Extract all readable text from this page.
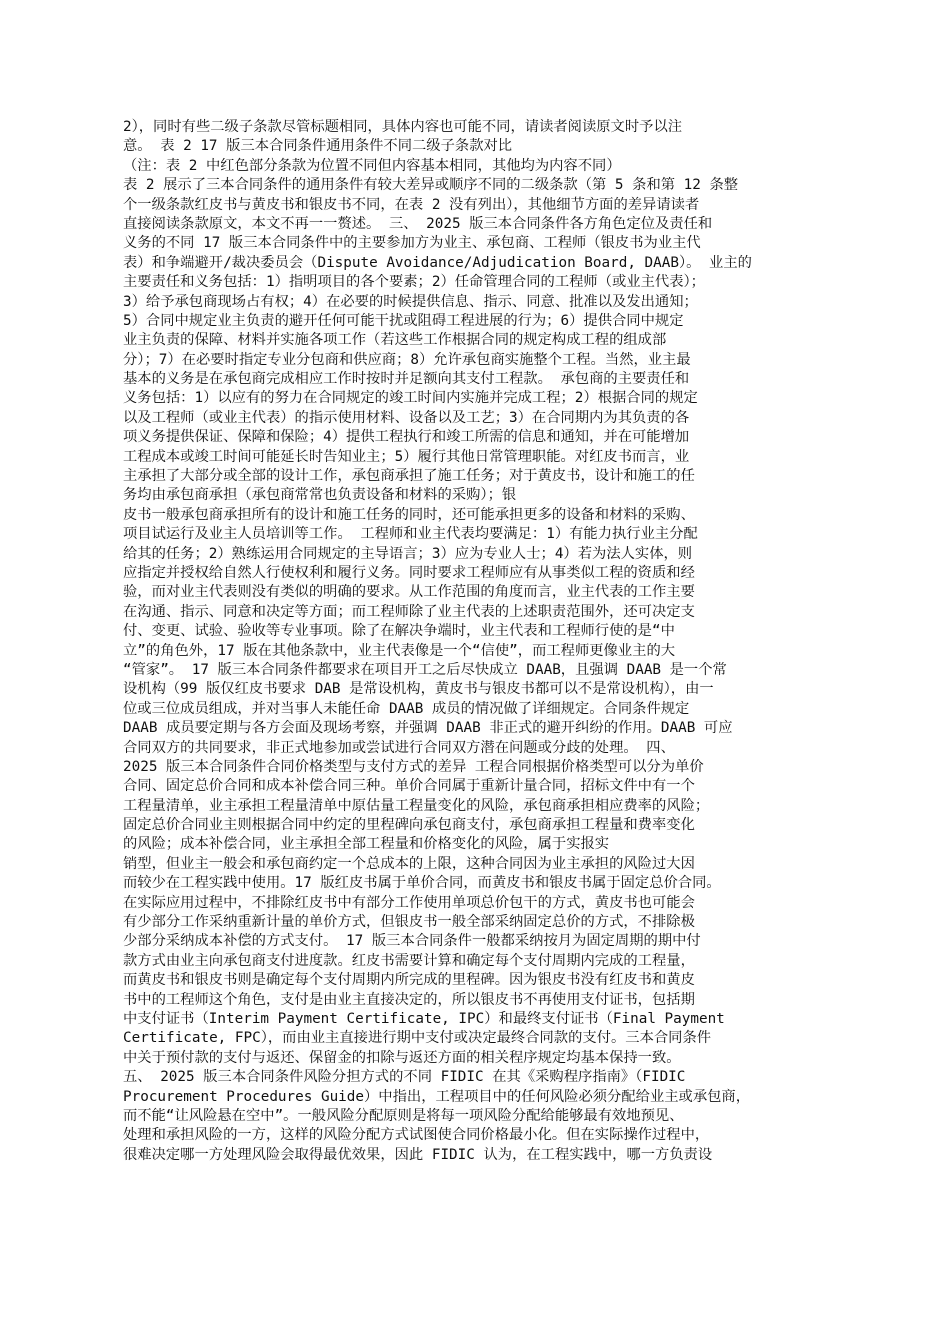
2），同时有些二级子条款尽管标题相同，具体内容也可能不同，请读者阅读原文时予以注
意。 表 2 17 版三本合同条件通用条件不同二级子条款对比
（注：表 2 中红色部分条款为位置不同但内容基本相同，其他均为内容不同）
表 2 展示了三本合同条件的通用条件有较大差异或顺序不同的二级条款（第 5 条和第 12 条整
个一级条款红皮书与黄皮书和银皮书不同，在表 2 没有列出），其他细节方面的差异请读者
直接阅读条款原文，本文不再一一赘述。 三、 2025 版三本合同条件各方角色定位及责任和
义务的不同 17 版三本合同条件中的主要参加方为业主、承包商、工程师（银皮书为业主代
表）和争端避开/裁决委员会（Dispute Avoidance/Adjudication Board, DAAB）。 业主的
主要责任和义务包括：1）指明项目的各个要素；2）任命管理合同的工程师（或业主代表）；
3）给予承包商现场占有权；4）在必要的时候提供信息、指示、同意、批准以及发出通知；
5）合同中规定业主负责的避开任何可能干扰或阻碍工程进展的行为；6）提供合同中规定
业主负责的保障、材料并实施各项工作（若这些工作根据合同的规定构成工程的组成部
分）；7）在必要时指定专业分包商和供应商；8）允许承包商实施整个工程。当然，业主最
基本的义务是在承包商完成相应工作时按时并足额向其支付工程款。 承包商的主要责任和
义务包括：1）以应有的努力在合同规定的竣工时间内实施并完成工程；2）根据合同的规定
以及工程师（或业主代表）的指示使用材料、设备以及工艺；3）在合同期内为其负责的各
项义务提供保证、保障和保险；4）提供工程执行和竣工所需的信息和通知，并在可能增加
工程成本或竣工时间可能延长时告知业主；5）履行其他日常管理职能。对红皮书而言，业
主承担了大部分或全部的设计工作，承包商承担了施工任务；对于黄皮书，设计和施工的任
务均由承包商承担（承包商常常也负责设备和材料的采购）；银
皮书一般承包商承担所有的设计和施工任务的同时，还可能承担更多的设备和材料的采购、
项目试运行及业主人员培训等工作。 工程师和业主代表均要满足：1）有能力执行业主分配
给其的任务；2）熟练运用合同规定的主导语言；3）应为专业人士；4）若为法人实体，则
应指定并授权给自然人行使权利和履行义务。同时要求工程师应有从事类似工程的资质和经
验，而对业主代表则没有类似的明确的要求。从工作范围的角度而言，业主代表的工作主要
在沟通、指示、同意和决定等方面；而工程师除了业主代表的上述职责范围外，还可决定支
付、变更、试验、验收等专业事项。除了在解决争端时，业主代表和工程师行使的是“中
立”的角色外，17 版在其他条款中，业主代表像是一个“信使”，而工程师更像业主的大
“管家”。 17 版三本合同条件都要求在项目开工之后尽快成立 DAAB，且强调 DAAB 是一个常
设机构（99 版仅红皮书要求 DAB 是常设机构，黄皮书与银皮书都可以不是常设机构），由一
位或三位成员组成，并对当事人未能任命 DAAB 成员的情况做了详细规定。合同条件规定
DAAB 成员要定期与各方会面及现场考察，并强调 DAAB 非正式的避开纠纷的作用。DAAB 可应
合同双方的共同要求，非正式地参加或尝试进行合同双方潜在问题或分歧的处理。 四、
2025 版三本合同条件合同价格类型与支付方式的差异 工程合同根据价格类型可以分为单价
合同、固定总价合同和成本补偿合同三种。单价合同属于重新计量合同，招标文件中有一个
工程量清单，业主承担工程量清单中原估量工程量变化的风险，承包商承担相应费率的风险；
固定总价合同业主则根据合同中约定的里程碑向承包商支付，承包商承担工程量和费率变化
的风险；成本补偿合同，业主承担全部工程量和价格变化的风险，属于实报实
销型，但业主一般会和承包商约定一个总成本的上限，这种合同因为业主承担的风险过大因
而较少在工程实践中使用。17 版红皮书属于单价合同，而黄皮书和银皮书属于固定总价合同。
在实际应用过程中，不排除红皮书中有部分工作使用单项总价包干的方式，黄皮书也可能会
有少部分工作采纳重新计量的单价方式，但银皮书一般全部采纳固定总价的方式，不排除极
少部分采纳成本补偿的方式支付。 17 版三本合同条件一般都采纳按月为固定周期的期中付
款方式由业主向承包商支付进度款。红皮书需要计算和确定每个支付周期内完成的工程量，
而黄皮书和银皮书则是确定每个支付周期内所完成的里程碑。因为银皮书没有红皮书和黄皮
书中的工程师这个角色，支付是由业主直接决定的，所以银皮书不再使用支付证书，包括期
中支付证书（Interim Payment Certificate, IPC）和最终支付证书（Final Payment
Certificate, FPC），而由业主直接进行期中支付或决定最终合同款的支付。三本合同条件
中关于预付款的支付与返还、保留金的扣除与返还方面的相关程序规定均基本保持一致。
五、 2025 版三本合同条件风险分担方式的不同 FIDIC 在其《采购程序指南》（FIDIC
Procurement Procedures Guide）中指出，工程项目中的任何风险必须分配给业主或承包商，
而不能“让风险悬在空中”。一般风险分配原则是将每一项风险分配给能够最有效地预见、
处理和承担风险的一方，这样的风险分配方式试图使合同价格最小化。但在实际操作过程中，
很难决定哪一方处理风险会取得最优效果，因此 FIDIC 认为，在工程实践中，哪一方负责设
